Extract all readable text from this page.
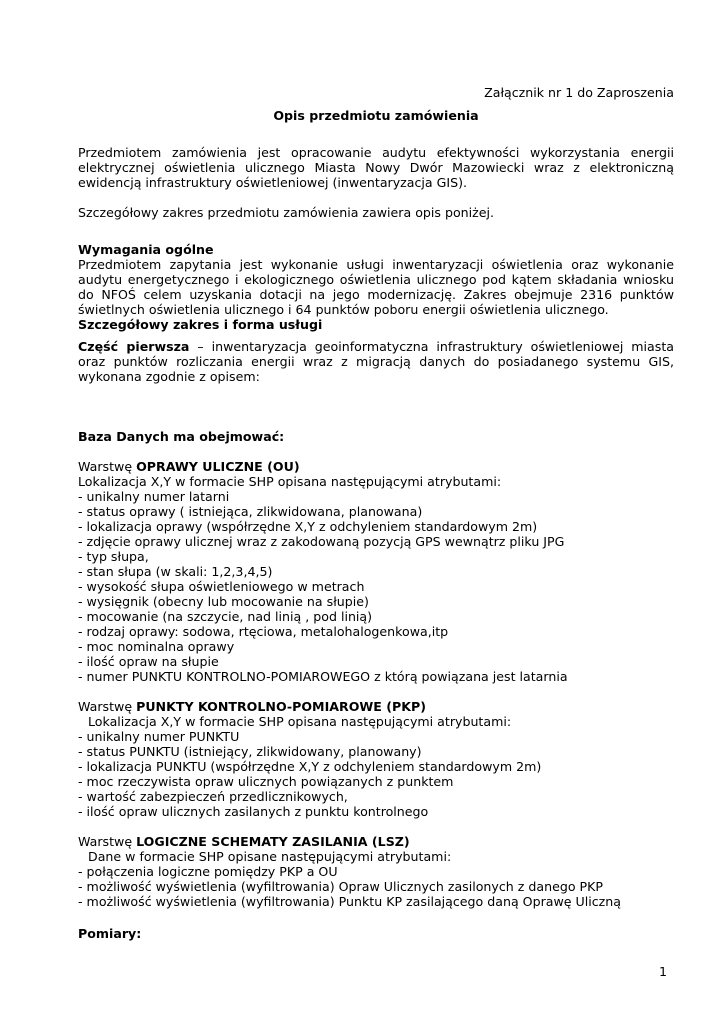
Załącznik nr 1 do Zaproszenia
Opis przedmiotu zamówienia

Przedmiotem zamówienia jest opracowanie audytu efektywności wykorzystania energii elektrycznej oświetlenia ulicznego Miasta Nowy Dwór Mazowiecki wraz z elektroniczną ewidencją infrastruktury oświetleniowej (inwentaryzacja GIS).

Szczegółowy zakres przedmiotu zamówienia zawiera opis poniżej.

Wymagania ogólne

Przedmiotem zapytania jest wykonanie usługi inwentaryzacji oświetlenia oraz wykonanie audytu energetycznego i ekologicznego oświetlenia ulicznego pod kątem składania wniosku do NFOŚ celem uzyskania dotacji na jego modernizację. Zakres obejmuje 2316 punktów świetlnych oświetlenia ulicznego i 64 punktów poboru energii oświetlenia ulicznego.

Szczegółowy zakres i forma usługi

Część pierwsza – inwentaryzacja geoinformatyczna infrastruktury oświetleniowej miasta oraz punktów rozliczania energii wraz z migracją danych do posiadanego systemu GIS, wykonana zgodnie z opisem:

Baza Danych ma obejmować:
Warstwę OPRAWY ULICZNE (OU)
Lokalizacja X,Y w formacie SHP opisana następującymi atrybutami:
- unikalny numer latarni
- status oprawy ( istniejąca, zlikwidowana, planowana)
- lokalizacja oprawy (współrzędne X,Y z odchyleniem standardowym 2m)
- zdjęcie oprawy ulicznej wraz z zakodowaną pozycją GPS wewnątrz pliku JPG
- typ słupa,
- stan słupa (w skali: 1,2,3,4,5)
- wysokość słupa oświetleniowego w metrach
- wysięgnik (obecny lub mocowanie na słupie)
- mocowanie (na szczycie, nad linią , pod linią)
- rodzaj oprawy: sodowa, rtęciowa, metalohalogenkowa,itp
- moc nominalna oprawy
- ilość opraw na słupie
- numer PUNKTU KONTROLNO-POMIAROWEGO z którą powiązana jest latarnia
Warstwę PUNKTY KONTROLNO-POMIAROWE (PKP)
Lokalizacja X,Y w formacie SHP opisana następującymi atrybutami:
- unikalny numer PUNKTU
- status PUNKTU (istniejący, zlikwidowany, planowany)
- lokalizacja PUNKTU (współrzędne X,Y z odchyleniem standardowym 2m)
- moc rzeczywista opraw ulicznych powiązanych z punktem
- wartość zabezpieczeń przedlicznikowych,
- ilość opraw ulicznych zasilanych z punktu kontrolnego
Warstwę LOGICZNE SCHEMATY ZASILANIA (LSZ)
Dane w formacie SHP opisane następującymi atrybutami:
- połączenia logiczne pomiędzy PKP a OU
- możliwość wyświetlenia (wyfiltrowania) Opraw Ulicznych zasilonych z danego PKP
- możliwość wyświetlenia (wyfiltrowania) Punktu KP zasilającego daną Oprawę Uliczną
Pomiary:
1
